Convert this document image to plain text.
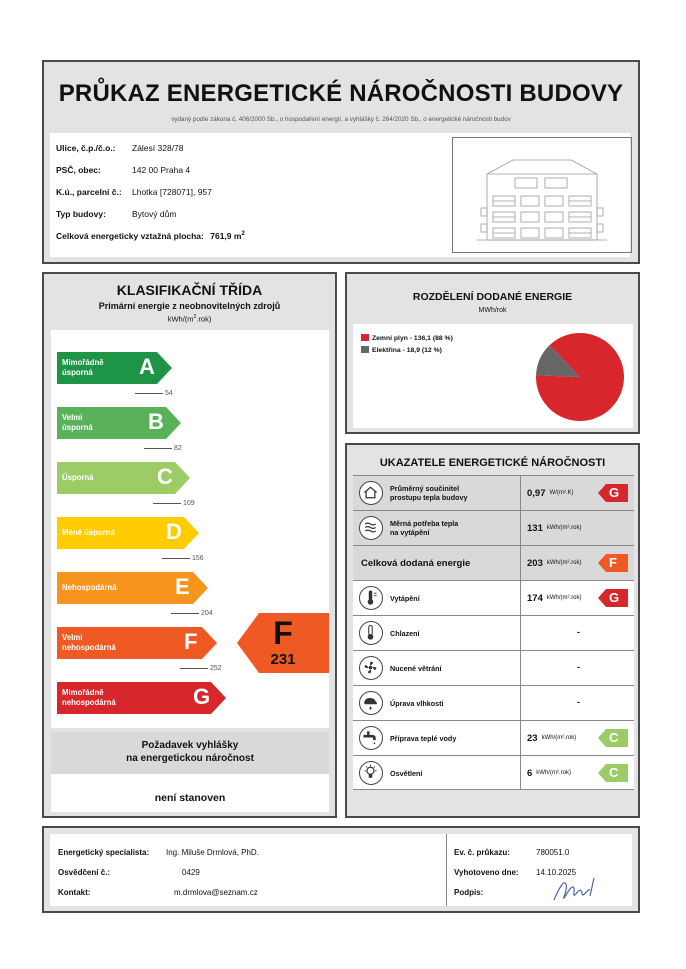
PRŮKAZ ENERGETICKÉ NÁROČNOSTI BUDOVY
vydaný podle zákona č. 406/2000 Sb., o hospodaření energií, a vyhlášky č. 264/2020 Sb., o energetické náročnosti budov
Ulice, č.p./č.o.: Zálesí 328/78
PSČ, obec:	142 00 Praha 4
K.ú., parcelní č.: Lhotka [728071], 957
Typ budovy:	Bytový dům
Celková energeticky vztažná plocha: 761,9 $m^2$
KLASIFIKAČNÍ TŘÍDA
Primární energie z neobnovitelných zdrojů
kWh/$(m^2.rok)$
Mimořádně
úsporná	A
54
Velmi
úsporná	B
82
Úsporná	C
109
Méně úsporná D
156
Nehospodárná	E
204
Velmi
nehospodárná	F
252
Mimořádně
nehospodárná	G
F
231
Požadavek vyhlášky
na energetickou náročnost
není stanoven
ROZDĚLENÍ DODANÉ ENERGIE
MWh/rok
Zemní plyn - 136,1 (88 %)
Elektřina - 18,9 (12 %)
UKAZATELE ENERGETICKÉ NÁROČNOSTI
Průměrný součinitel
prostupu tepla budovy	0,97 W/(m².K)	G
Měrná potřeba tepla
na vytápění	131 kWh/(m².rok)
Celková dodaná energie	203 kWh/(m².rok) F
Vytápění	174 kWh/(m².rok) G
Chlazení	-
Nucené větrání	-
Úprava vlhkosti	-
Příprava teplé vody	23 kWh/(m².rok)	C
Osvětlení	6 kWh/(m².rok)	C
Energetický specialista: Ing. Miluše Drmlová, PhD.
Osvědčení č.:	0429
Kontakt:	m.drmlova@seznam.cz
Ev. č. průkazu:	780051.0
Vyhotoveno dne: 14.10.2025
Podpis:
